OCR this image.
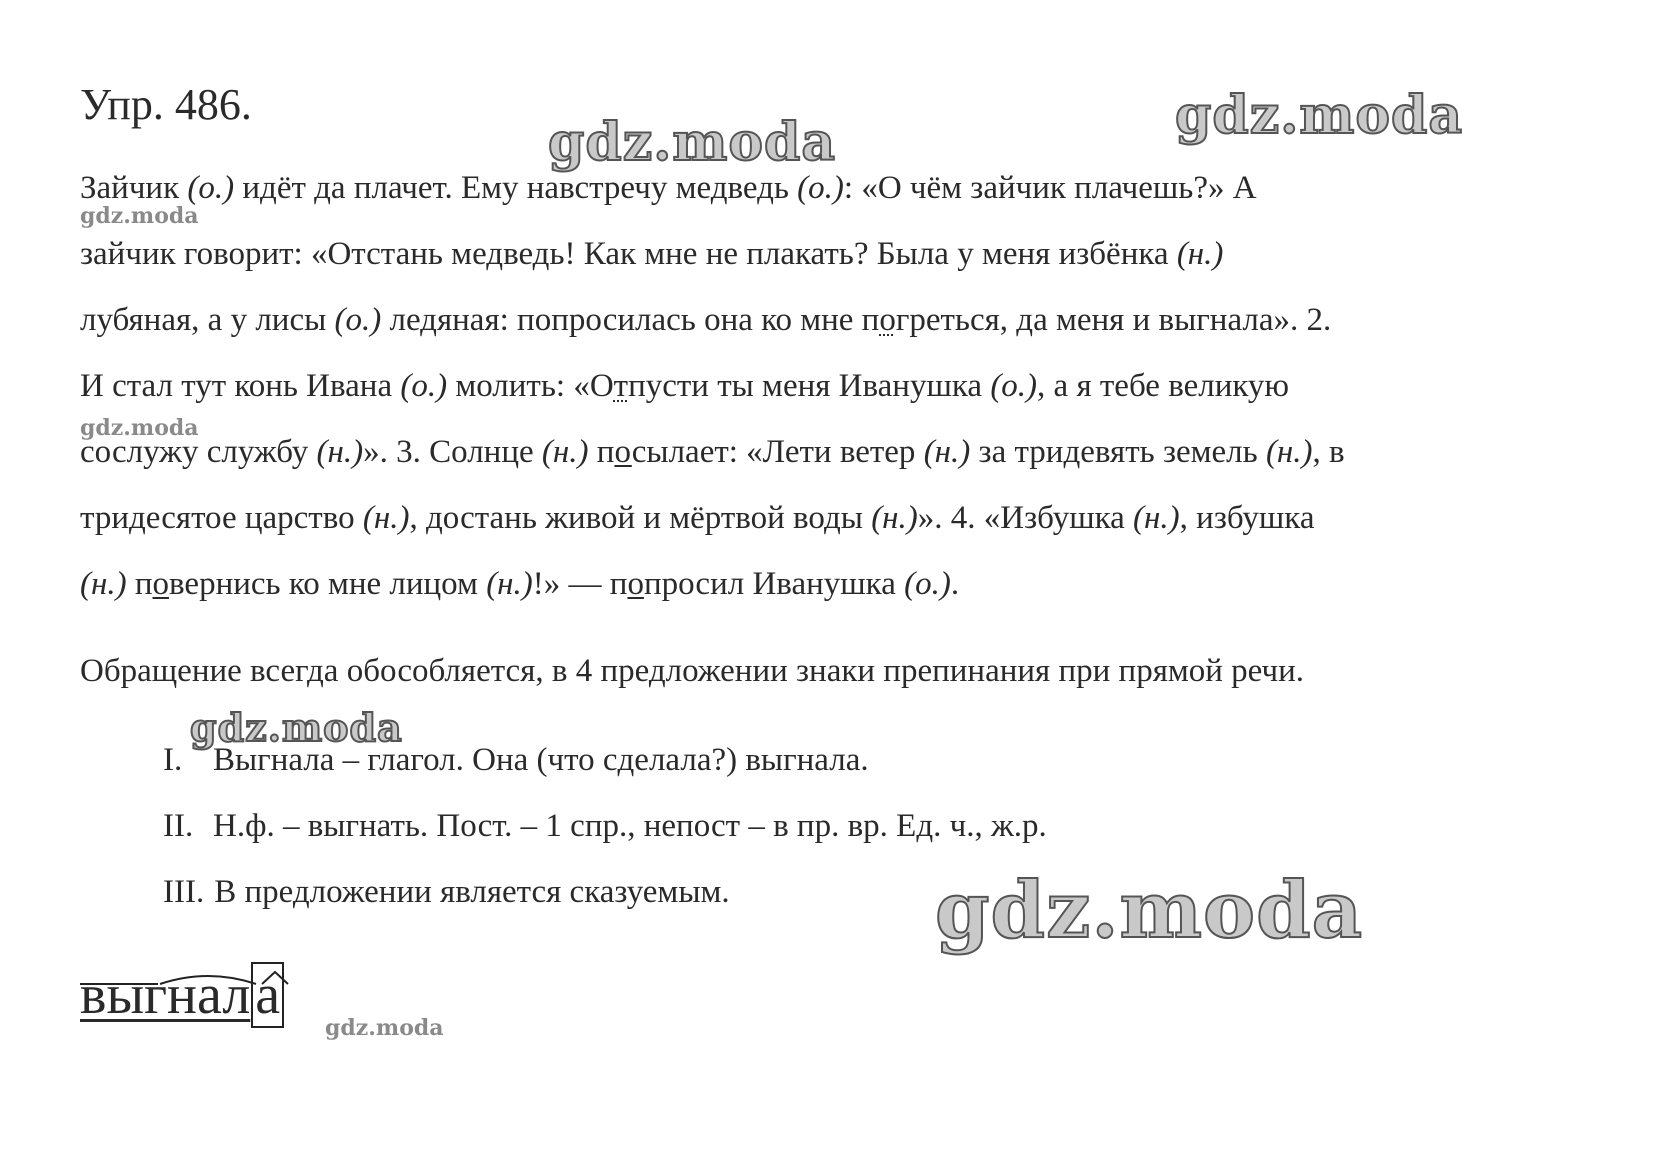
Упр. 486.
gdz.moda	gdz.moda
gdz.moda
gdz.moda
gdz.moda
gdz.moda
Зайчик (о.) идёт да плачет. Ему навстречу медведь (о.): «О чём зайчик плачешь?» А
зайчик говорит: «Отстань медведь! Как мне не плакать? Была у меня избёнка (н.)
лубяная, а у лисы (о.) ледяная: попросилась она ко мне погреться, да меня и выгнала». 2.
И стал тут конь Ивана (о.) молить: «Отпусти ты меня Иванушка (о.), а я тебе великую
сослужу службу (н.)». 3. Солнце (н.) посылает: «Лети ветер (н.) за тридевять земель (н.), в
тридесятое царство (н.), достань живой и мёртвой воды (н.)». 4. «Избушка (н.), избушка
(н.) повернись ко мне лицом (н.)!» — попросил Иванушка (о.).
Обращение всегда обособляется, в 4 предложении знаки препинания при прямой речи.
I. Выгнала – глагол. Она (что сделала?) выгнала.
II. Н.ф. – выгнать. Пост. – 1 спр., непост – в пр. вр. Ед. ч., ж.р.
III. В предложении является сказуемым.
выгнала
gdz.moda
